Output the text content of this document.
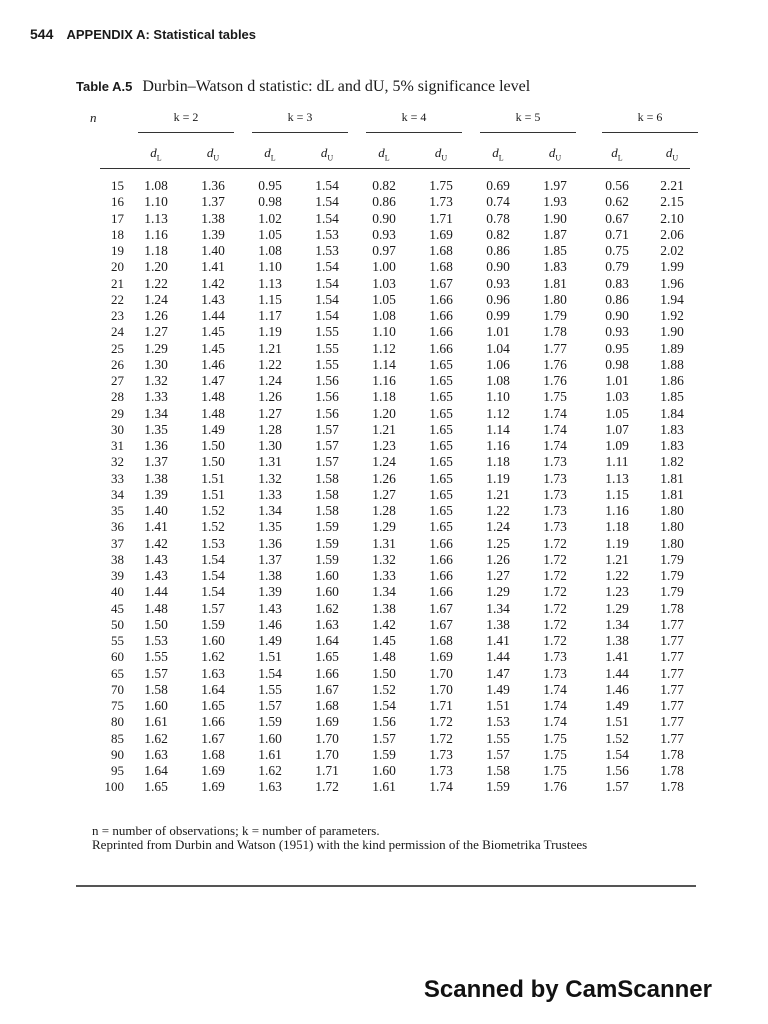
544 APPENDIX A: Statistical tables
Table A.5 Durbin–Watson d statistic: dL and dU, 5% significance level
n	k = 2	k = 3	k = 4	k = 5	k = 6
$d_L$	$d_U$	$d_L$	$d_U$	$d_L$	$d_U$	$d_L$	$d_U$	$d_L$	$d_U$
15	1.08	1.36	0.95	1.54	0.82	1.75	0.69	1.97	0.56	2.21
16	1.10	1.37	0.98	1.54	0.86	1.73	0.74	1.93	0.62	2.15
17	1.13	1.38	1.02	1.54	0.90	1.71	0.78	1.90	0.67	2.10
18	1.16	1.39	1.05	1.53	0.93	1.69	0.82	1.87	0.71	2.06
19	1.18	1.40	1.08	1.53	0.97	1.68	0.86	1.85	0.75	2.02
20	1.20	1.41	1.10	1.54	1.00	1.68	0.90	1.83	0.79	1.99
21	1.22	1.42	1.13	1.54	1.03	1.67	0.93	1.81	0.83	1.96
22	1.24	1.43	1.15	1.54	1.05	1.66	0.96	1.80	0.86	1.94
23	1.26	1.44	1.17	1.54	1.08	1.66	0.99	1.79	0.90	1.92
24	1.27	1.45	1.19	1.55	1.10	1.66	1.01	1.78	0.93	1.90
25	1.29	1.45	1.21	1.55	1.12	1.66	1.04	1.77	0.95	1.89
26	1.30	1.46	1.22	1.55	1.14	1.65	1.06	1.76	0.98	1.88
27	1.32	1.47	1.24	1.56	1.16	1.65	1.08	1.76	1.01	1.86
28	1.33	1.48	1.26	1.56	1.18	1.65	1.10	1.75	1.03	1.85
29	1.34	1.48	1.27	1.56	1.20	1.65	1.12	1.74	1.05	1.84
30	1.35	1.49	1.28	1.57	1.21	1.65	1.14	1.74	1.07	1.83
31	1.36	1.50	1.30	1.57	1.23	1.65	1.16	1.74	1.09	1.83
32	1.37	1.50	1.31	1.57	1.24	1.65	1.18	1.73	1.11	1.82
33	1.38	1.51	1.32	1.58	1.26	1.65	1.19	1.73	1.13	1.81
34	1.39	1.51	1.33	1.58	1.27	1.65	1.21	1.73	1.15	1.81
35	1.40	1.52	1.34	1.58	1.28	1.65	1.22	1.73	1.16	1.80
36	1.41	1.52	1.35	1.59	1.29	1.65	1.24	1.73	1.18	1.80
37	1.42	1.53	1.36	1.59	1.31	1.66	1.25	1.72	1.19	1.80
38	1.43	1.54	1.37	1.59	1.32	1.66	1.26	1.72	1.21	1.79
39	1.43	1.54	1.38	1.60	1.33	1.66	1.27	1.72	1.22	1.79
40	1.44	1.54	1.39	1.60	1.34	1.66	1.29	1.72	1.23	1.79
45	1.48	1.57	1.43	1.62	1.38	1.67	1.34	1.72	1.29	1.78
50	1.50	1.59	1.46	1.63	1.42	1.67	1.38	1.72	1.34	1.77
55	1.53	1.60	1.49	1.64	1.45	1.68	1.41	1.72	1.38	1.77
60	1.55	1.62	1.51	1.65	1.48	1.69	1.44	1.73	1.41	1.77
65	1.57	1.63	1.54	1.66	1.50	1.70	1.47	1.73	1.44	1.77
70	1.58	1.64	1.55	1.67	1.52	1.70	1.49	1.74	1.46	1.77
75	1.60	1.65	1.57	1.68	1.54	1.71	1.51	1.74	1.49	1.77
80	1.61	1.66	1.59	1.69	1.56	1.72	1.53	1.74	1.51	1.77
85	1.62	1.67	1.60	1.70	1.57	1.72	1.55	1.75	1.52	1.77
90	1.63	1.68	1.61	1.70	1.59	1.73	1.57	1.75	1.54	1.78
95	1.64	1.69	1.62	1.71	1.60	1.73	1.58	1.75	1.56	1.78
100	1.65	1.69	1.63	1.72	1.61	1.74	1.59	1.76	1.57	1.78
n = number of observations; k = number of parameters.
Reprinted from Durbin and Watson (1951) with the kind permission of the Biometrika Trustees
Scanned by CamScanner
